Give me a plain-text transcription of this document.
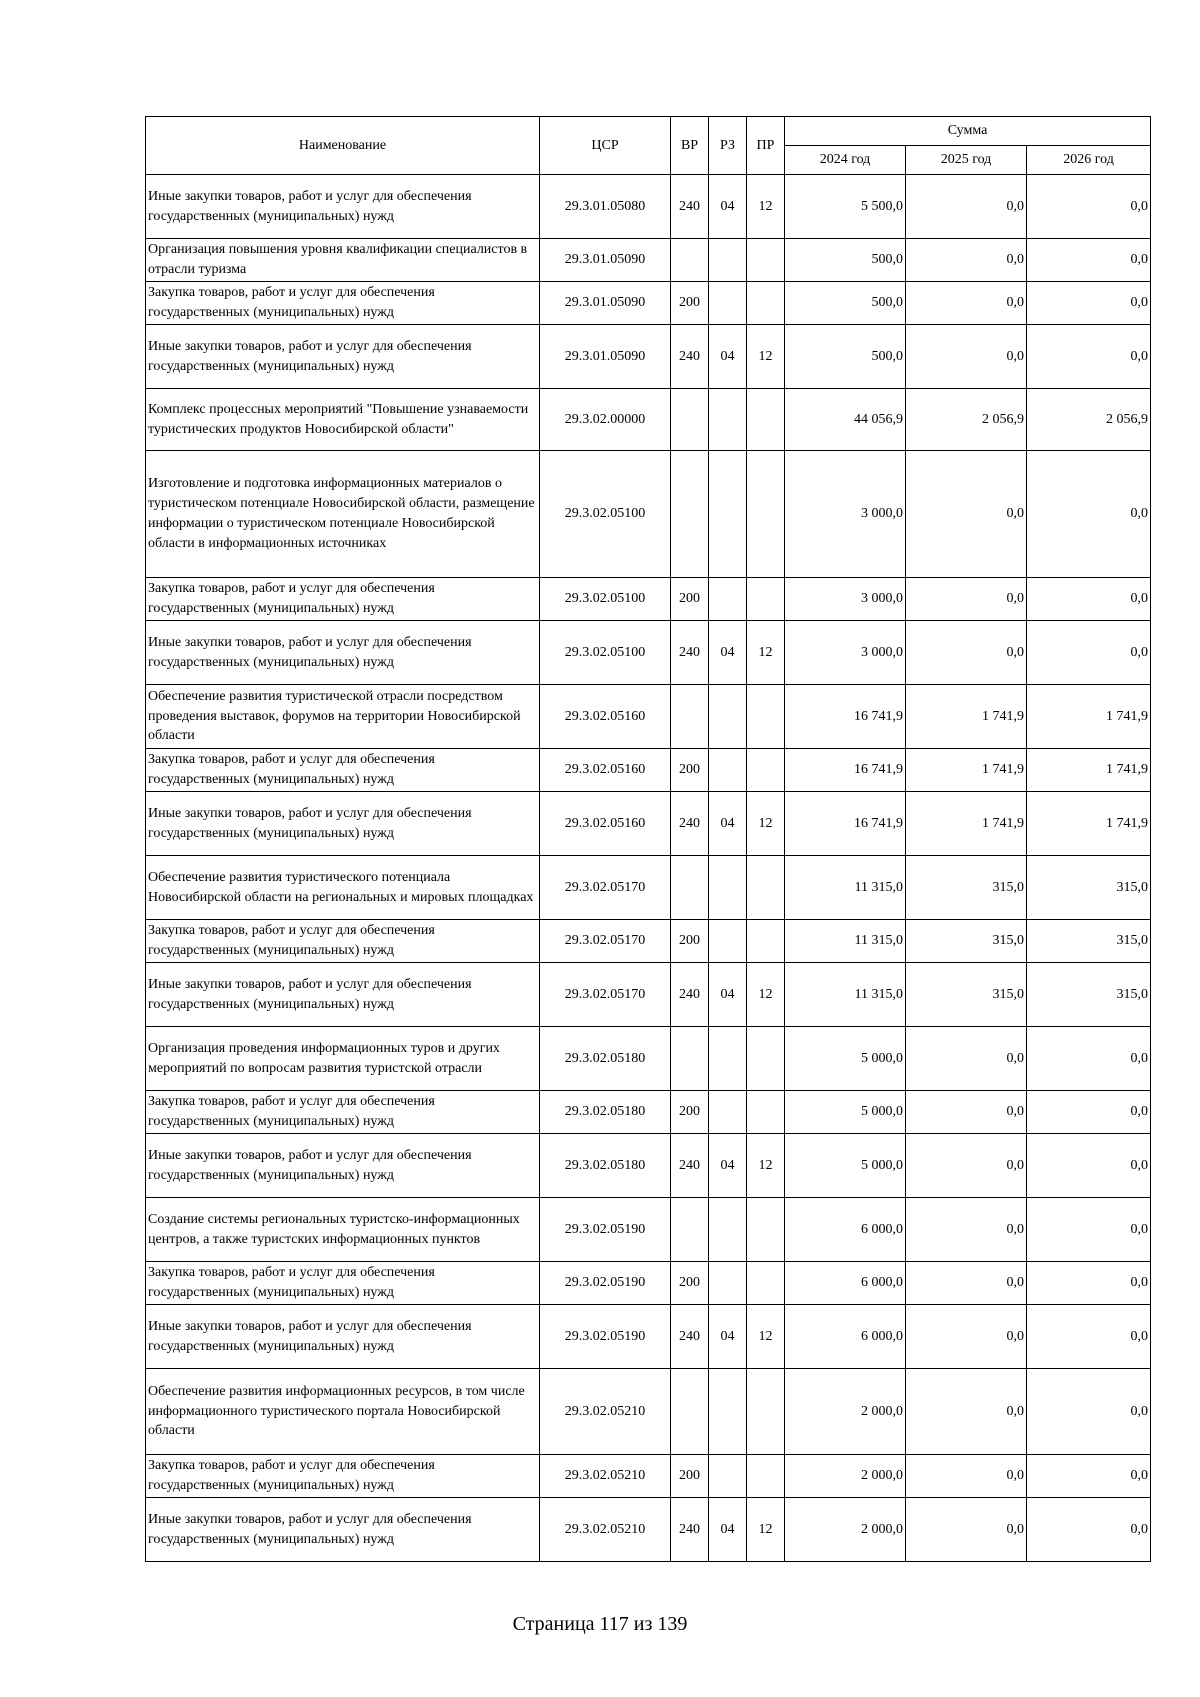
Наименование	ЦСР	ВР	РЗ	ПР	Сумма		
					2024 год	2025 год	2026 год
Иные закупки товаров, работ и услуг для обеспечения государственных (муниципальных) нужд	29.3.01.05080	240	04	12	5 500,0	0,0	0,0
Организация повышения уровня квалификации специалистов в отрасли туризма	29.3.01.05090				500,0	0,0	0,0
Закупка товаров, работ и услуг для обеспечения государственных (муниципальных) нужд	29.3.01.05090	200			500,0	0,0	0,0
Иные закупки товаров, работ и услуг для обеспечения государственных (муниципальных) нужд	29.3.01.05090	240	04	12	500,0	0,0	0,0
Комплекс процессных мероприятий "Повышение узнаваемости туристических продуктов Новосибирской области"	29.3.02.00000				44 056,9	2 056,9	2 056,9
Изготовление и подготовка информационных материалов о туристическом потенциале Новосибирской области, размещение информации о туристическом потенциале Новосибирской области в информационных источниках	29.3.02.05100				3 000,0	0,0	0,0
Закупка товаров, работ и услуг для обеспечения государственных (муниципальных) нужд	29.3.02.05100	200			3 000,0	0,0	0,0
Иные закупки товаров, работ и услуг для обеспечения государственных (муниципальных) нужд	29.3.02.05100	240	04	12	3 000,0	0,0	0,0
Обеспечение развития туристической отрасли посредством проведения выставок, форумов на территории Новосибирской области	29.3.02.05160				16 741,9	1 741,9	1 741,9
Закупка товаров, работ и услуг для обеспечения государственных (муниципальных) нужд	29.3.02.05160	200			16 741,9	1 741,9	1 741,9
Иные закупки товаров, работ и услуг для обеспечения государственных (муниципальных) нужд	29.3.02.05160	240	04	12	16 741,9	1 741,9	1 741,9
Обеспечение развития туристического потенциала Новосибирской области на региональных и мировых площадках	29.3.02.05170				11 315,0	315,0	315,0
Закупка товаров, работ и услуг для обеспечения государственных (муниципальных) нужд	29.3.02.05170	200			11 315,0	315,0	315,0
Иные закупки товаров, работ и услуг для обеспечения государственных (муниципальных) нужд	29.3.02.05170	240	04	12	11 315,0	315,0	315,0
Организация проведения информационных туров и других мероприятий по вопросам развития туристской отрасли	29.3.02.05180				5 000,0	0,0	0,0
Закупка товаров, работ и услуг для обеспечения государственных (муниципальных) нужд	29.3.02.05180	200			5 000,0	0,0	0,0
Иные закупки товаров, работ и услуг для обеспечения государственных (муниципальных) нужд	29.3.02.05180	240	04	12	5 000,0	0,0	0,0
Создание системы региональных туристско-информационных центров, а также туристских информационных пунктов	29.3.02.05190				6 000,0	0,0	0,0
Закупка товаров, работ и услуг для обеспечения государственных (муниципальных) нужд	29.3.02.05190	200			6 000,0	0,0	0,0
Иные закупки товаров, работ и услуг для обеспечения государственных (муниципальных) нужд	29.3.02.05190	240	04	12	6 000,0	0,0	0,0
Обеспечение развития информационных ресурсов, в том числе информационного туристического портала Новосибирской области	29.3.02.05210				2 000,0	0,0	0,0
Закупка товаров, работ и услуг для обеспечения государственных (муниципальных) нужд	29.3.02.05210	200			2 000,0	0,0	0,0
Иные закупки товаров, работ и услуг для обеспечения государственных (муниципальных) нужд	29.3.02.05210	240	04	12	2 000,0	0,0	0,0
Страница 117 из 139
